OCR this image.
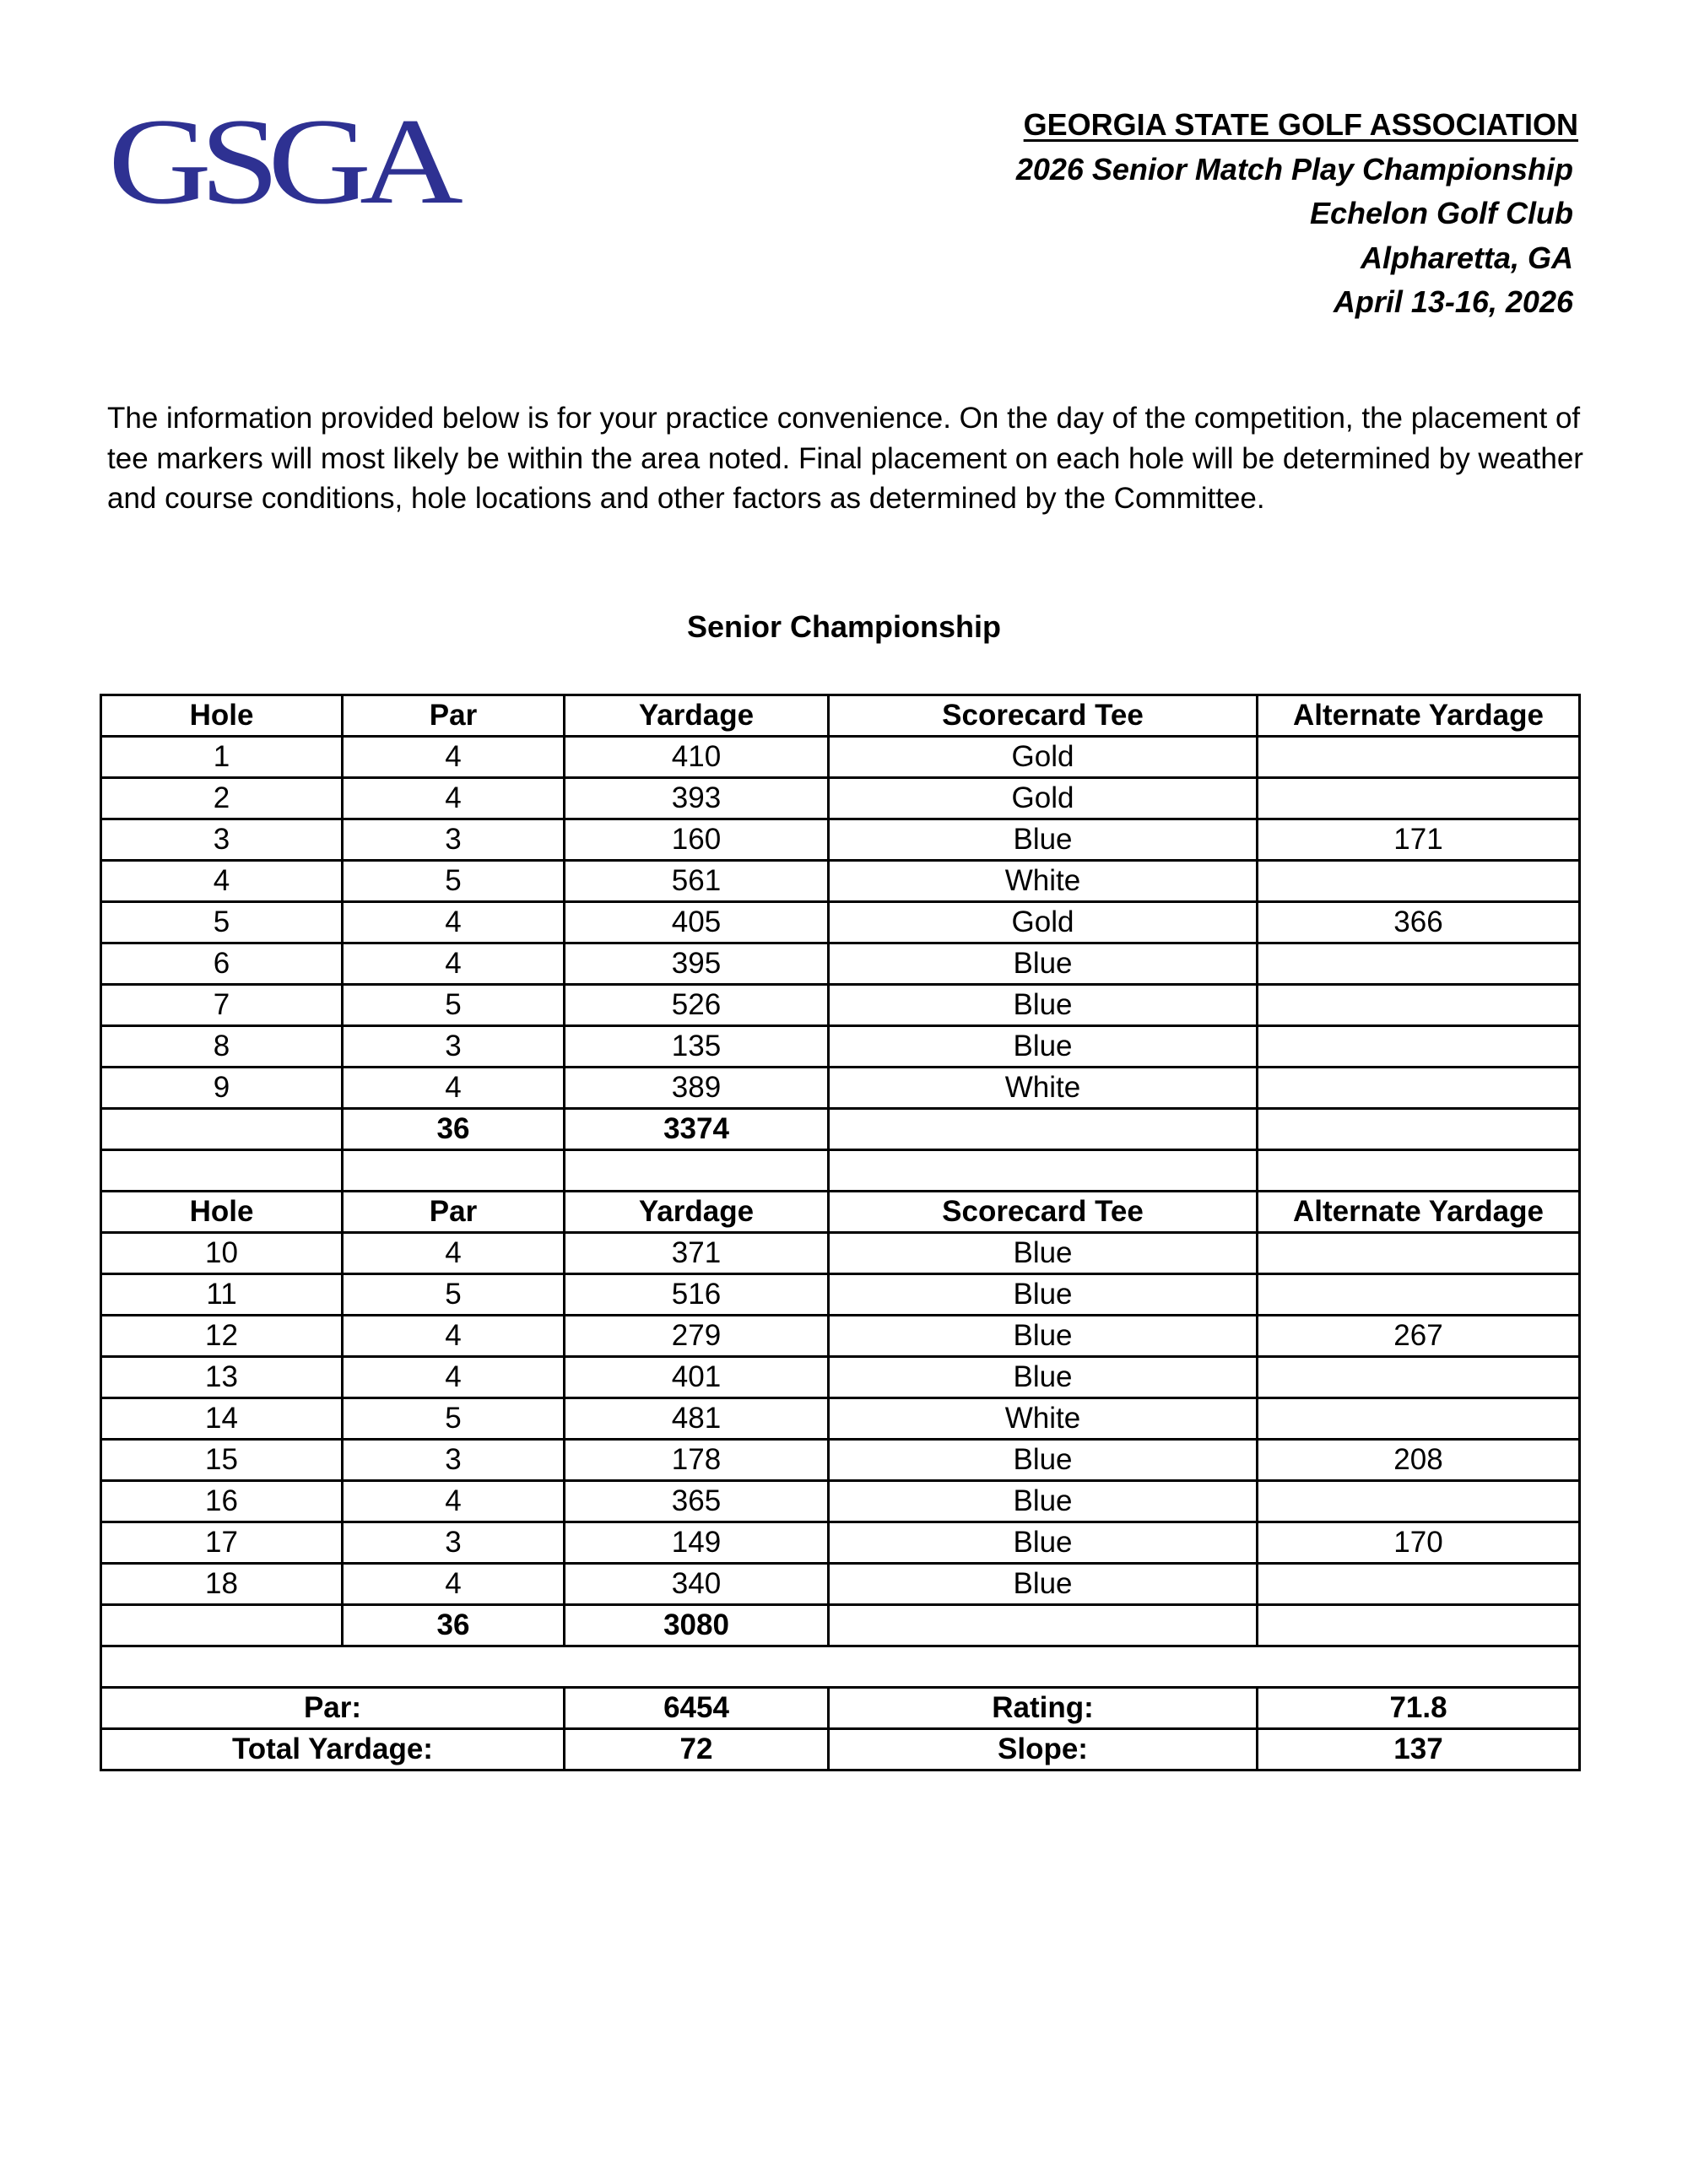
GSGA	GEORGIA STATE GOLF ASSOCIATION
2026 Senior Match Play Championship
Echelon Golf Club
Alpharetta, GA
April 13-16, 2026
The information provided below is for your practice convenience. On the day of the competition, the placement of tee markers will most likely be within the area noted. Final placement on each hole will be determined by weather and course conditions, hole locations and other factors as determined by the Committee.
Senior Championship
Hole	Par	Yardage	Scorecard Tee	Alternate Yardage
1	4	410	Gold	
2	4	393	Gold	
3	3	160	Blue	171
4	5	561	White	
5	4	405	Gold	366
6	4	395	Blue	
7	5	526	Blue	
8	3	135	Blue	
9	4	389	White	
	36	3374		

Hole	Par	Yardage	Scorecard Tee	Alternate Yardage
10	4	371	Blue	
11	5	516	Blue	
12	4	279	Blue	267
13	4	401	Blue	
14	5	481	White	
15	3	178	Blue	208
16	4	365	Blue	
17	3	149	Blue	170
18	4	340	Blue	
	36	3080		

Par:		6454	Rating:	71.8
Total Yardage:		72	Slope:	137
